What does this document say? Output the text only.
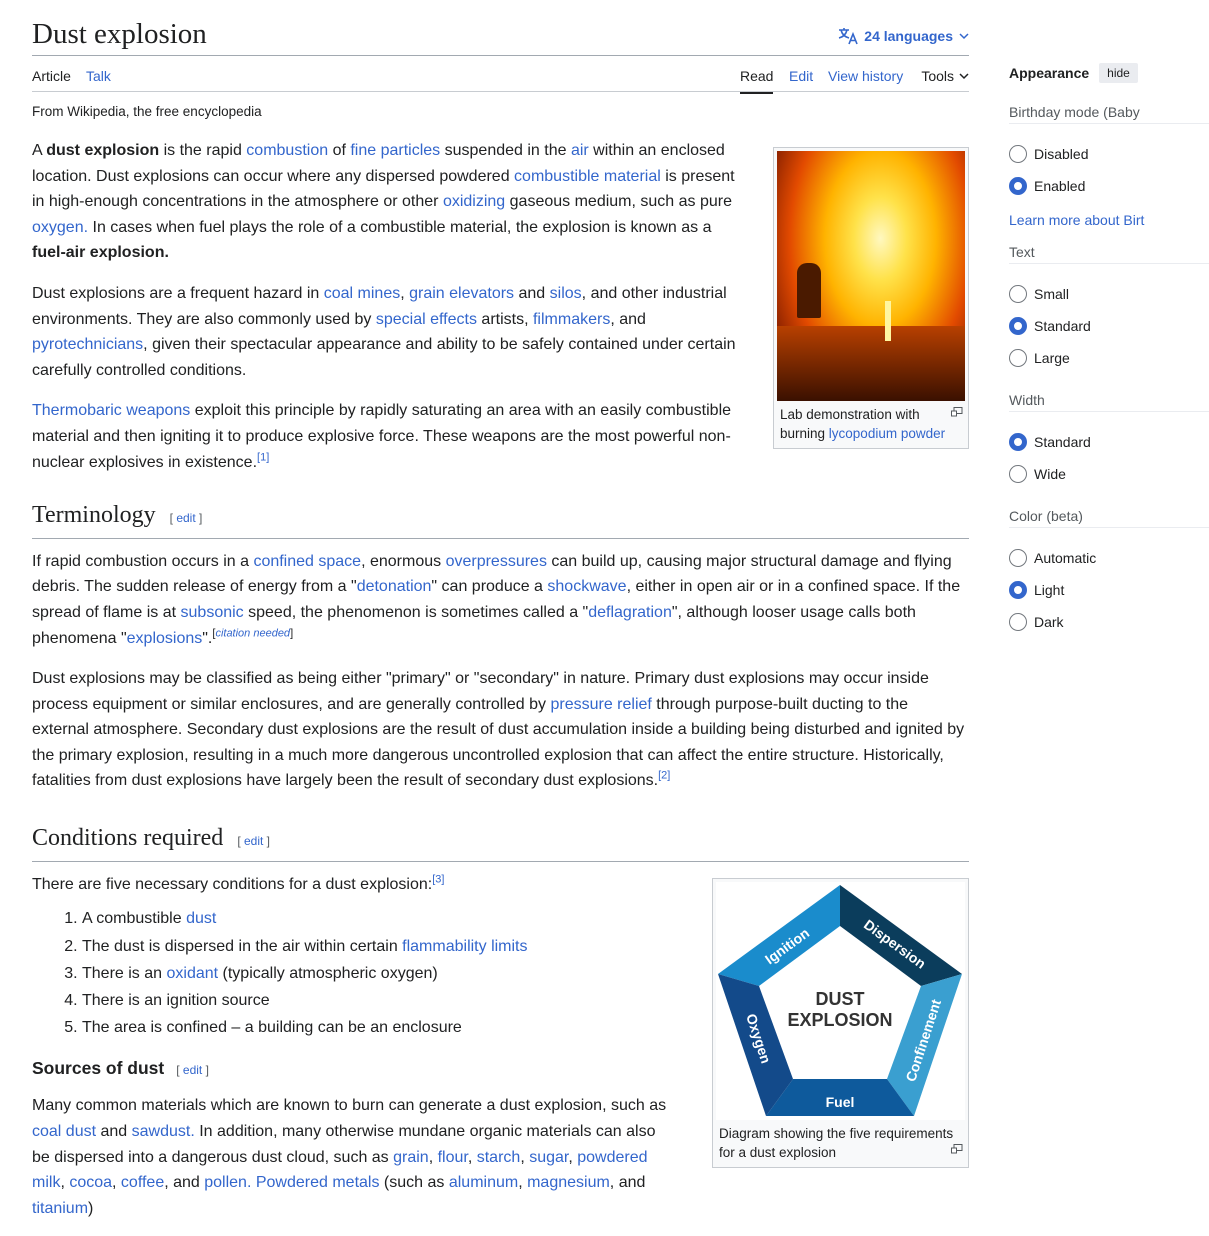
Dust explosion	24 languages
Article Talk	Read Edit View history Tools
From Wikipedia, the free encyclopedia
Lab demonstration with burning lycopodium powder
Ignition	Dispersion
Confinement
Fuel
Oxygen
DUST
EXPLOSION
Diagram showing the five requirements for a dust explosion

A dust explosion is the rapid combustion of fine particles suspended in the air within an enclosed location. Dust explosions can occur where any dispersed powdered combustible material is present in high-enough concentrations in the atmosphere or other oxidizing gaseous medium, such as pure oxygen. In cases when fuel plays the role of a combustible material, the explosion is known as a fuel-air explosion.

Dust explosions are a frequent hazard in coal mines, grain elevators and silos, and other industrial environments. They are also commonly used by special effects artists, filmmakers, and pyrotechnicians, given their spectacular appearance and ability to be safely contained under certain carefully controlled conditions.

Thermobaric weapons exploit this principle by rapidly saturating an area with an easily combustible material and then igniting it to produce explosive force. These weapons are the most powerful non-nuclear explosives in existence.[1]

Terminology [ edit ]

If rapid combustion occurs in a confined space, enormous overpressures can build up, causing major structural damage and flying debris. The sudden release of energy from a "detonation" can produce a shockwave, either in open air or in a confined space. If the spread of flame is at subsonic speed, the phenomenon is sometimes called a "deflagration", although looser usage calls both phenomena "explosions".[citation needed]

Dust explosions may be classified as being either "primary" or "secondary" in nature. Primary dust explosions may occur inside process equipment or similar enclosures, and are generally controlled by pressure relief through purpose-built ducting to the external atmosphere. Secondary dust explosions are the result of dust accumulation inside a building being disturbed and ignited by the primary explosion, resulting in a much more dangerous uncontrolled explosion that can affect the entire structure. Historically, fatalities from dust explosions have largely been the result of secondary dust explosions.[2]

Conditions required [ edit ]

There are five necessary conditions for a dust explosion:[3]

1. A combustible dust
2. The dust is dispersed in the air within certain flammability limits
3. There is an oxidant (typically atmospheric oxygen)
4. There is an ignition source
5. The area is confined – a building can be an enclosure
Sources of dust [ edit ]

Many common materials which are known to burn can generate a dust explosion, such as coal dust and sawdust. In addition, many otherwise mundane organic materials can also be dispersed into a dangerous dust cloud, such as grain, flour, starch, sugar, powdered milk, cocoa, coffee, and pollen. Powdered metals (such as aluminum, magnesium, and titanium)

Appearance	hide
Birthday mode (Baby
Disabled
Enabled
Learn more about Birt
Text
Small
Standard
Large
Width
Standard
Wide
Color (beta)
Automatic
Light
Dark
